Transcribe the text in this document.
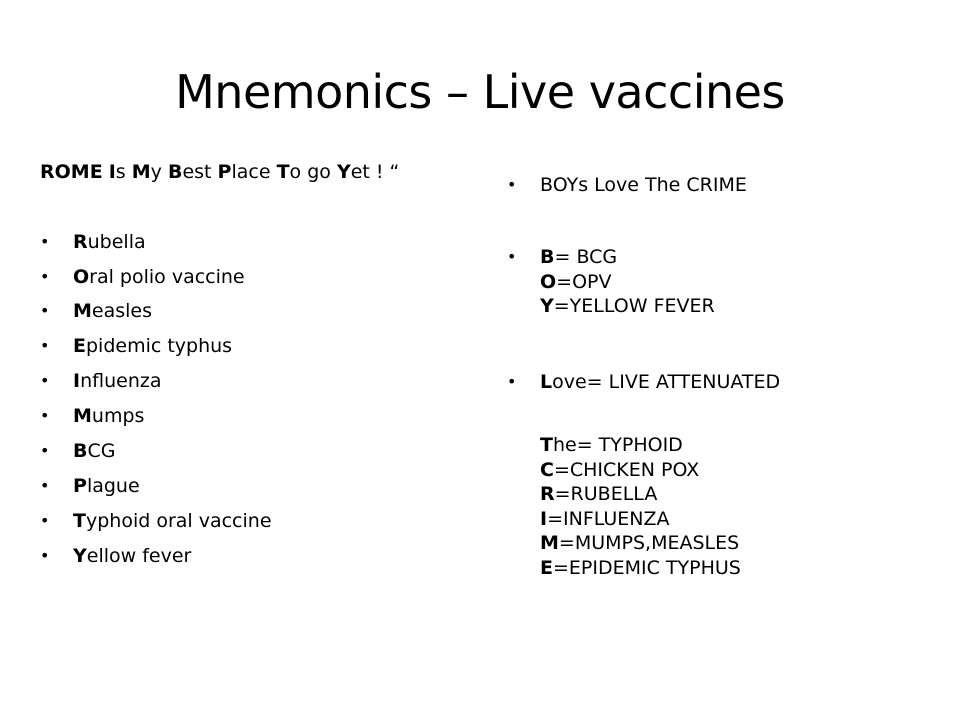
Mnemonics – Live vaccines
ROME Is My Best Place To go Yet ! “
•
Rubella
•
Oral polio vaccine
•
Measles
•
Epidemic typhus
•
Influenza
•
Mumps
•
BCG
•
Plague
•
Typhoid oral vaccine
•
Yellow fever
•
BOYs Love The CRIME
•
B= BCG
O=OPV
Y=YELLOW FEVER
•
Love= LIVE ATTENUATED
The= TYPHOID
C=CHICKEN POX
R=RUBELLA
I=INFLUENZA
M=MUMPS,MEASLES
E=EPIDEMIC TYPHUS
